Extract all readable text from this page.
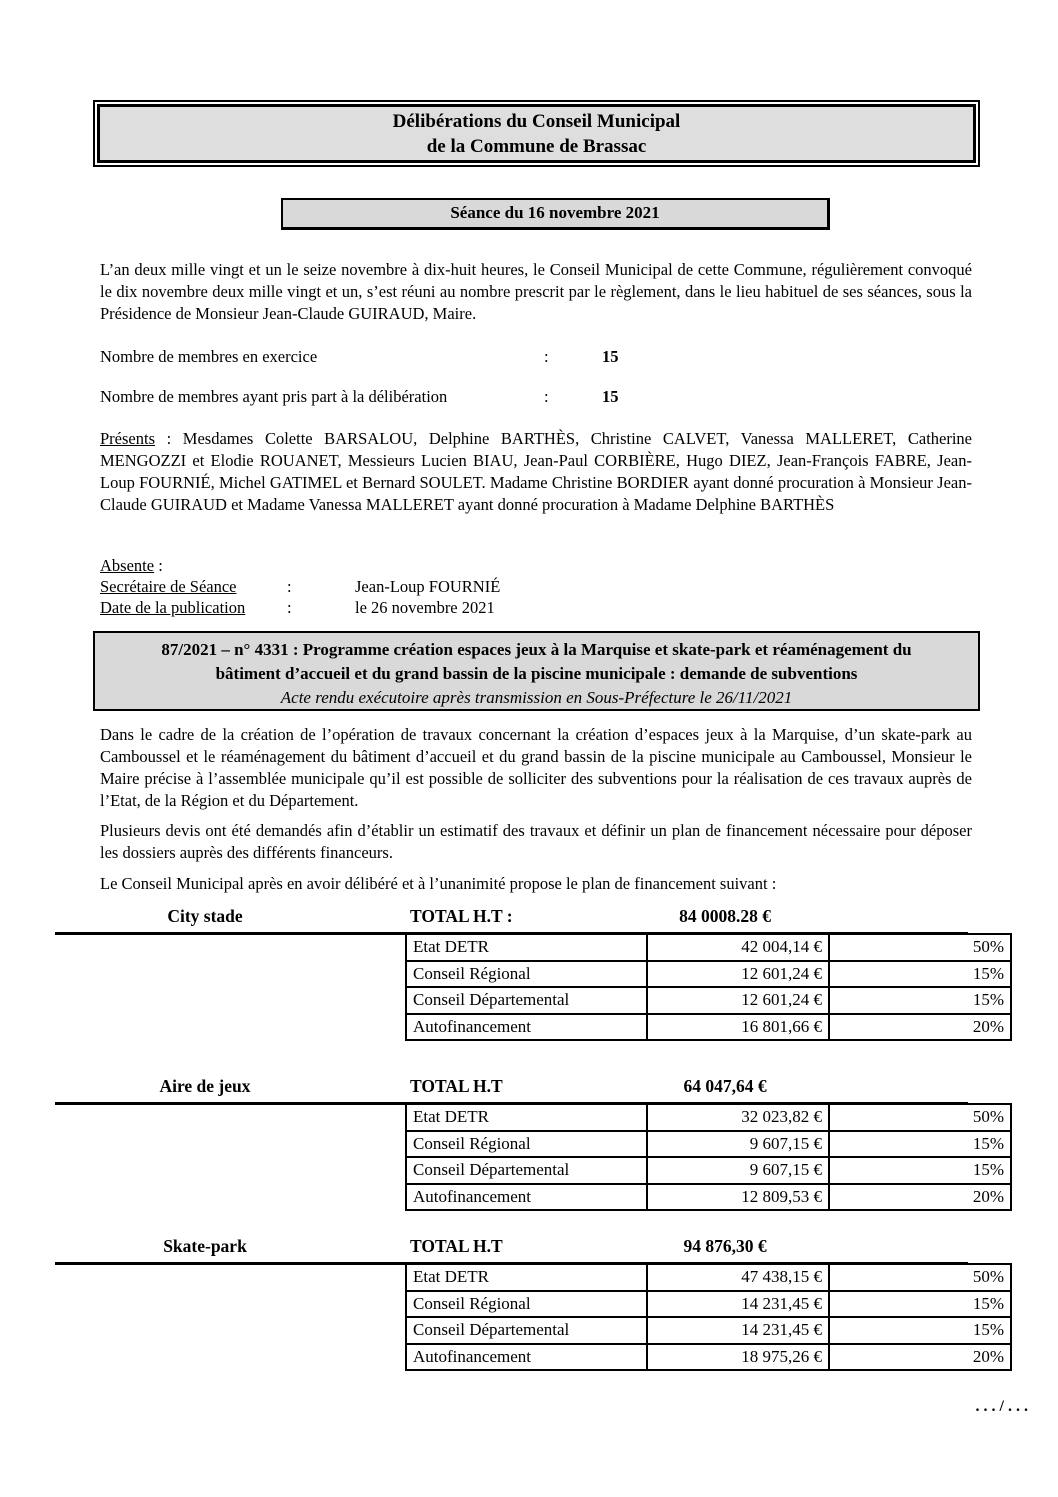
Délibérations du Conseil Municipal
de la Commune de Brassac
Séance du 16 novembre 2021

L’an deux mille vingt et un le seize novembre à dix-huit heures, le Conseil Municipal de cette Commune, régulièrement convoqué le dix novembre deux mille vingt et un, s’est réuni au nombre prescrit par le règlement, dans le lieu habituel de ses séances, sous la Présidence de Monsieur Jean-Claude GUIRAUD, Maire.

Nombre de membres en exercice	:	15
Nombre de membres ayant pris part à la délibération	:	15

Présents : Mesdames Colette BARSALOU, Delphine BARTHÈS, Christine CALVET, Vanessa MALLERET, Catherine MENGOZZI et Elodie ROUANET, Messieurs Lucien BIAU, Jean-Paul CORBIÈRE, Hugo DIEZ, Jean-François FABRE, Jean-Loup FOURNIÉ, Michel GATIMEL et Bernard SOULET. Madame Christine BORDIER ayant donné procuration à Monsieur Jean-Claude GUIRAUD et Madame Vanessa MALLERET ayant donné procuration à Madame Delphine BARTHÈS

Absente :
Secrétaire de Séance	:	Jean-Loup FOURNIÉ
Date de la publication	:	le 26 novembre 2021
87/2021 – n° 4331 : Programme création espaces jeux à la Marquise et skate-park et réaménagement du
bâtiment d’accueil et du grand bassin de la piscine municipale : demande de subventions
Acte rendu exécutoire après transmission en Sous-Préfecture le 26/11/2021

Dans le cadre de la création de l’opération de travaux concernant la création d’espaces jeux à la Marquise, d’un skate-park au Camboussel et le réaménagement du bâtiment d’accueil et du grand bassin de la piscine municipale au Camboussel, Monsieur le Maire précise à l’assemblée municipale qu’il est possible de solliciter des subventions pour la réalisation de ces travaux auprès de l’Etat, de la Région et du Département.

Plusieurs devis ont été demandés afin d’établir un estimatif des travaux et définir un plan de financement nécessaire pour déposer les dossiers auprès des différents financeurs.

Le Conseil Municipal après en avoir délibéré et à l’unanimité propose le plan de financement suivant :

City stade	TOTAL H.T :	84 0008.28 €
Etat DETR	42 004,14 €	50%
Conseil Régional	12 601,24 €	15%
Conseil Départemental	12 601,24 €	15%
Autofinancement	16 801,66 €	20%
Aire de jeux	TOTAL H.T	64 047,64 €
Etat DETR	32 023,82 €	50%
Conseil Régional	9 607,15 €	15%
Conseil Départemental	9 607,15 €	15%
Autofinancement	12 809,53 €	20%
Skate-park	TOTAL H.T	94 876,30 €
Etat DETR	47 438,15 €	50%
Conseil Régional	14 231,45 €	15%
Conseil Départemental	14 231,45 €	15%
Autofinancement	18 975,26 €	20%
. . . / . . .
